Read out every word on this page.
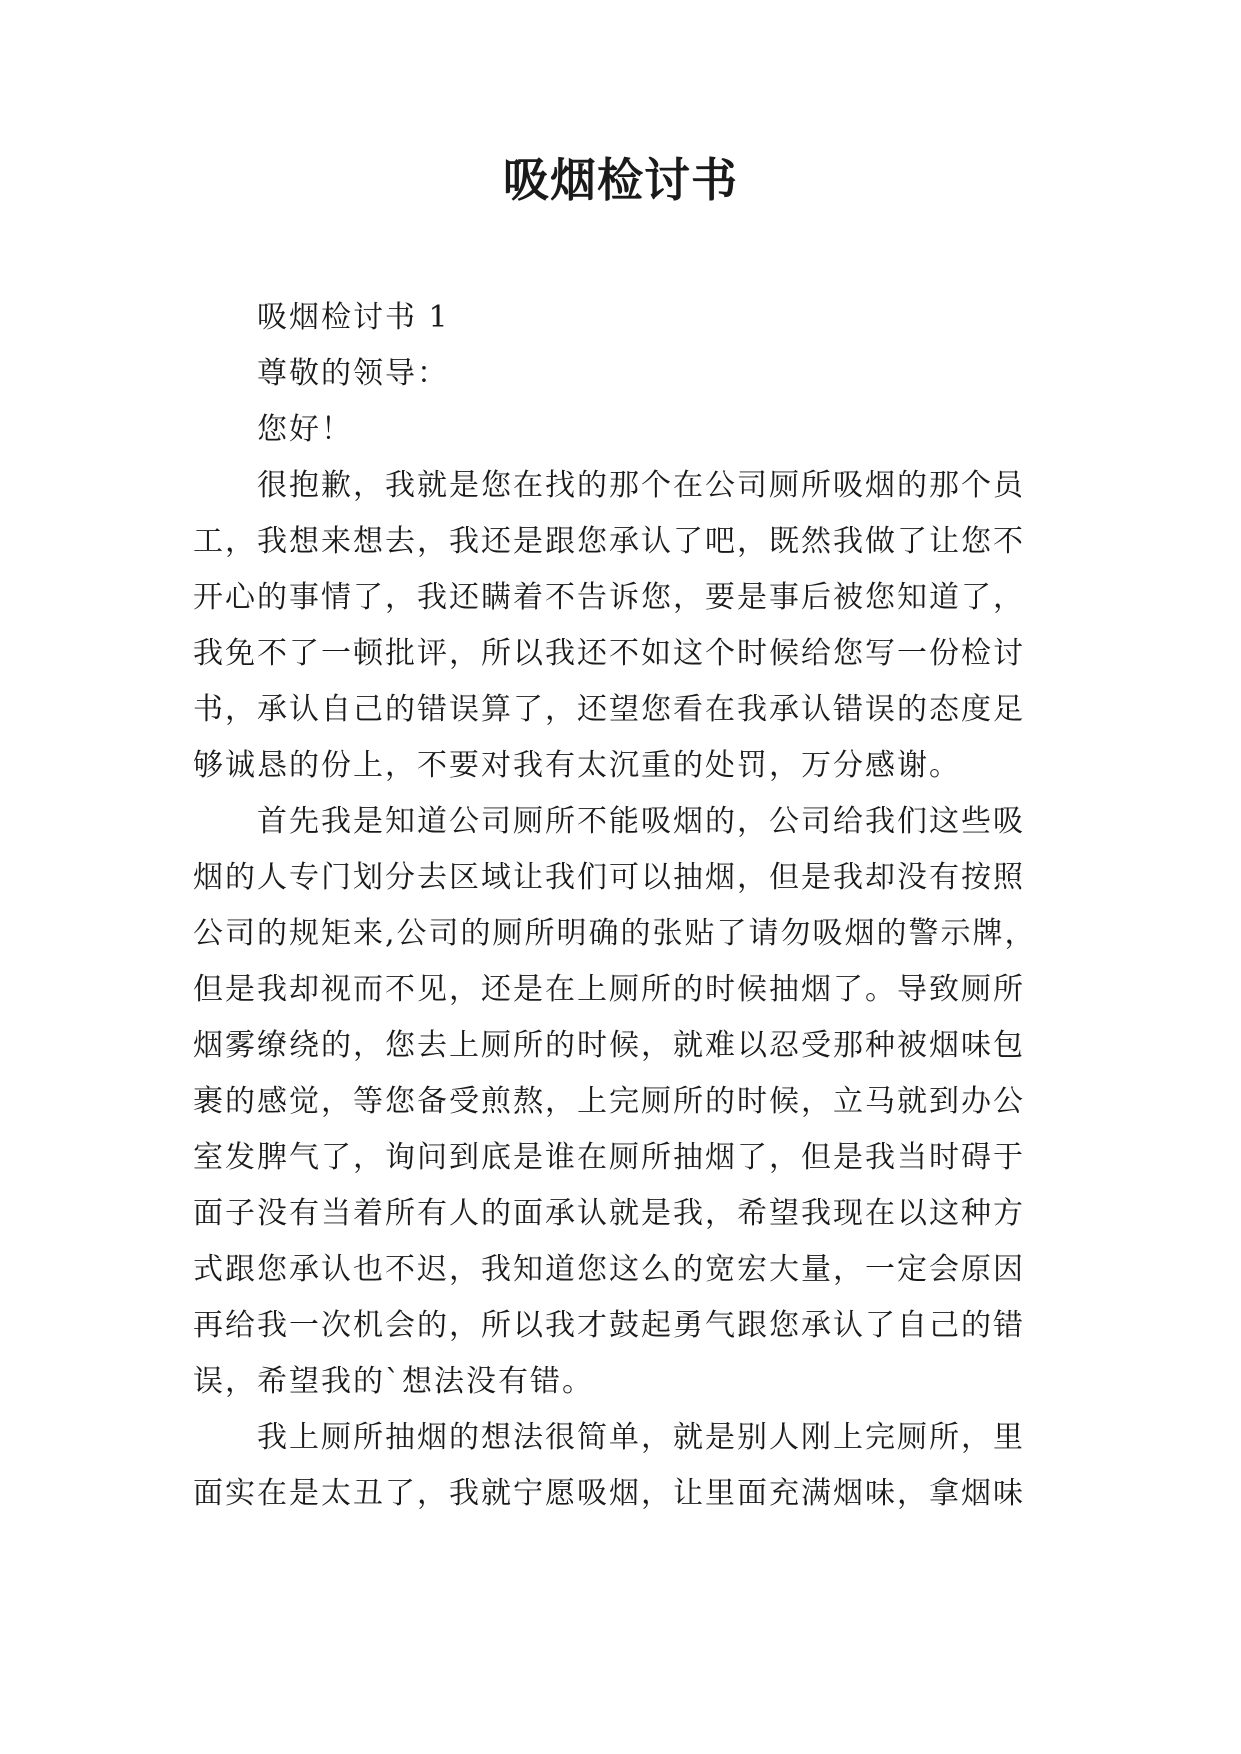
吸烟检讨书
　　吸烟检讨书 1
　　尊敬的领导：
　　您好！
　　很抱歉，我就是您在找的那个在公司厕所吸烟的那个员
工，我想来想去，我还是跟您承认了吧，既然我做了让您不
开心的事情了，我还瞒着不告诉您，要是事后被您知道了，
我免不了一顿批评，所以我还不如这个时候给您写一份检讨
书，承认自己的错误算了，还望您看在我承认错误的态度足
够诚恳的份上，不要对我有太沉重的处罚，万分感谢。
　　首先我是知道公司厕所不能吸烟的，公司给我们这些吸
烟的人专门划分去区域让我们可以抽烟，但是我却没有按照
公司的规矩来,公司的厕所明确的张贴了请勿吸烟的警示牌，
但是我却视而不见，还是在上厕所的时候抽烟了。导致厕所
烟雾缭绕的，您去上厕所的时候，就难以忍受那种被烟味包
裹的感觉，等您备受煎熬，上完厕所的时候，立马就到办公
室发脾气了，询问到底是谁在厕所抽烟了，但是我当时碍于
面子没有当着所有人的面承认就是我，希望我现在以这种方
式跟您承认也不迟，我知道您这么的宽宏大量，一定会原因
再给我一次机会的，所以我才鼓起勇气跟您承认了自己的错
误，希望我的`想法没有错。
　　我上厕所抽烟的想法很简单，就是别人刚上完厕所，里
面实在是太丑了，我就宁愿吸烟，让里面充满烟味，拿烟味
